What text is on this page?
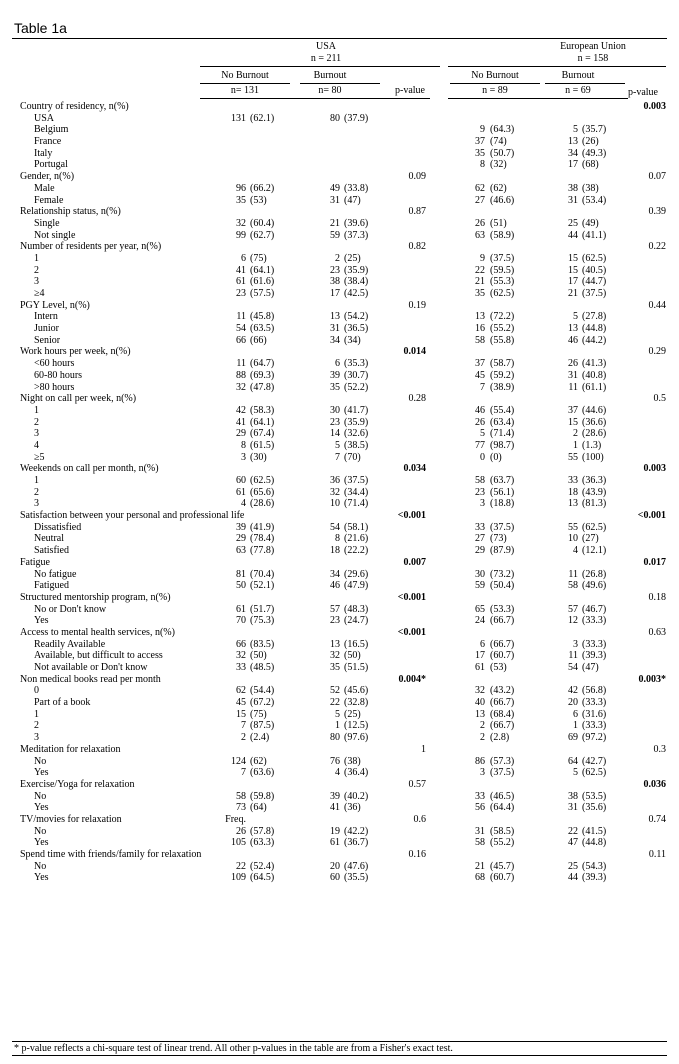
Table 1a
USA
n = 211
European Union
n = 158
No Burnout	Burnout	No Burnout	Burnout
n= 131	n= 80	p-value	n = 89	n = 69	p-value
Country of residency, n(%)	0.003
USA	131 (62.1)	80 (37.9)
Belgium	9 (64.3)	5 (35.7)
France	37 (74)	13 (26)
Italy	35 (50.7)	34 (49.3)
Portugal	8 (32)	17 (68)
Gender, n(%)	0.09	0.07
Male	96 (66.2)	49 (33.8)	62 (62)	38 (38)
Female	35 (53)	31 (47)	27 (46.6)	31 (53.4)
Relationship status, n(%)	0.87	0.39
Single	32 (60.4)	21 (39.6)	26 (51)	25 (49)
Not single	99 (62.7)	59 (37.3)	63 (58.9)	44 (41.1)
Number of residents per year, n(%)	0.82	0.22
1	6 (75)	2 (25)	9 (37.5)	15 (62.5)
2	41 (64.1)	23 (35.9)	22 (59.5)	15 (40.5)
3	61 (61.6)	38 (38.4)	21 (55.3)	17 (44.7)
≥4	23 (57.5)	17 (42.5)	35 (62.5)	21 (37.5)
PGY Level, n(%)	0.19	0.44
Intern	11 (45.8)	13 (54.2)	13 (72.2)	5 (27.8)
Junior	54 (63.5)	31 (36.5)	16 (55.2)	13 (44.8)
Senior	66 (66)	34 (34)	58 (55.8)	46 (44.2)
Work hours per week, n(%)	0.014	0.29
<60 hours	11 (64.7)	6 (35.3)	37 (58.7)	26 (41.3)
60-80 hours	88 (69.3)	39 (30.7)	45 (59.2)	31 (40.8)
>80 hours	32 (47.8)	35 (52.2)	7 (38.9)	11 (61.1)
Night on call per week, n(%)	0.28	0.5
1	42 (58.3)	30 (41.7)	46 (55.4)	37 (44.6)
2	41 (64.1)	23 (35.9)	26 (63.4)	15 (36.6)
3	29 (67.4)	14 (32.6)	5 (71.4)	2 (28.6)
4	8 (61.5)	5 (38.5)	77 (98.7)	1 (1.3)
≥5	3 (30)	7 (70)	0 (0)	55 (100)
Weekends on call per month, n(%)	0.034	0.003
1	60 (62.5)	36 (37.5)	58 (63.7)	33 (36.3)
2	61 (65.6)	32 (34.4)	23 (56.1)	18 (43.9)
3	4 (28.6)	10 (71.4)	3 (18.8)	13 (81.3)
Satisfaction between your personal and professional life	<0.001	<0.001
Dissatisfied	39 (41.9)	54 (58.1)	33 (37.5)	55 (62.5)
Neutral	29 (78.4)	8 (21.6)	27 (73)	10 (27)
Satisfied	63 (77.8)	18 (22.2)	29 (87.9)	4 (12.1)
Fatigue	0.007	0.017
No fatigue	81 (70.4)	34 (29.6)	30 (73.2)	11 (26.8)
Fatigued	50 (52.1)	46 (47.9)	59 (50.4)	58 (49.6)
Structured mentorship program, n(%)	<0.001	0.18
No or Don't know	61 (51.7)	57 (48.3)	65 (53.3)	57 (46.7)
Yes	70 (75.3)	23 (24.7)	24 (66.7)	12 (33.3)
Access to mental health services, n(%)	<0.001	0.63
Readily Available	66 (83.5)	13 (16.5)	6 (66.7)	3 (33.3)
Available, but difficult to access	32 (50)	32 (50)	17 (60.7)	11 (39.3)
Not available or Don't know	33 (48.5)	35 (51.5)	61 (53)	54 (47)
Non medical books read per month	0.004*	0.003*
0	62 (54.4)	52 (45.6)	32 (43.2)	42 (56.8)
Part of a book	45 (67.2)	22 (32.8)	40 (66.7)	20 (33.3)
1	15 (75)	5 (25)	13 (68.4)	6 (31.6)
2	7 (87.5)	1 (12.5)	2 (66.7)	1 (33.3)
3	2 (2.4)	80 (97.6)	2 (2.8)	69 (97.2)
Meditation for relaxation	1	0.3
No	124 (62)	76 (38)	86 (57.3)	64 (42.7)
Yes	7 (63.6)	4 (36.4)	3 (37.5)	5 (62.5)
Exercise/Yoga for relaxation	0.57	0.036
No	58 (59.8)	39 (40.2)	33 (46.5)	38 (53.5)
Yes	73 (64)	41 (36)	56 (64.4)	31 (35.6)
TV/movies for relaxation	Freq.	0.6	0.74
No	26 (57.8)	19 (42.2)	31 (58.5)	22 (41.5)
Yes	105 (63.3)	61 (36.7)	58 (55.2)	47 (44.8)
Spend time with friends/family for relaxation	0.16	0.11
No	22 (52.4)	20 (47.6)	21 (45.7)	25 (54.3)
Yes	109 (64.5)	60 (35.5)	68 (60.7)	44 (39.3)
* p-value reflects a chi-square test of linear trend. All other p-values in the table are from a Fisher's exact test.
